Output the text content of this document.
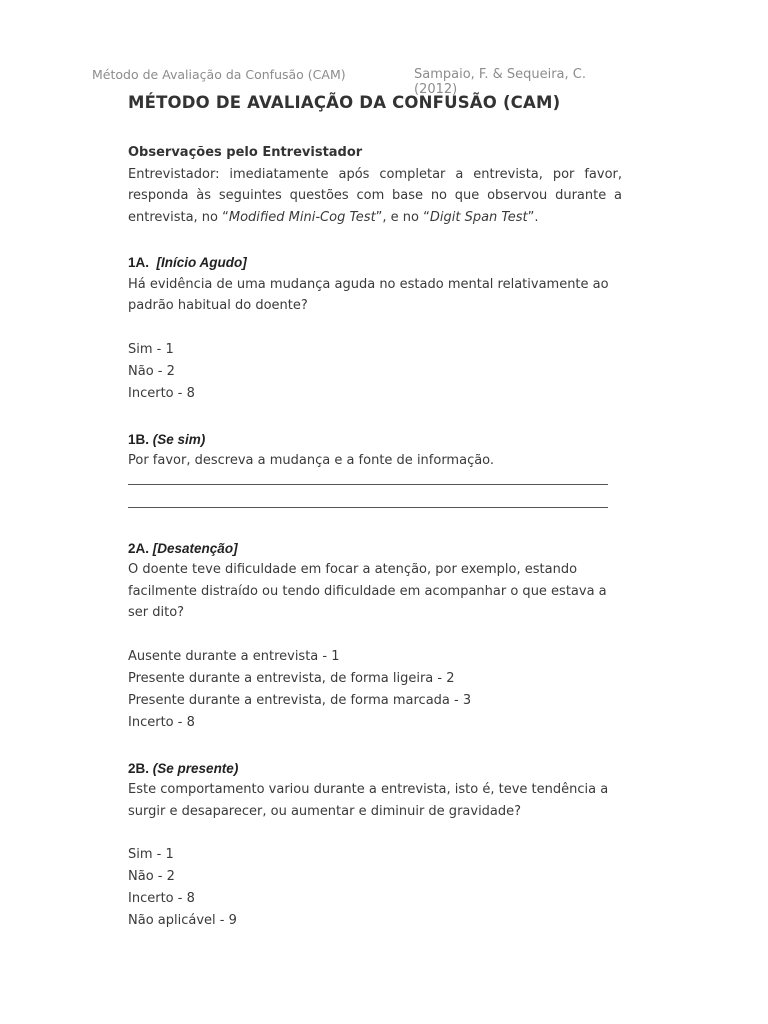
Método de Avaliação da Confusão (CAM)	Sampaio, F. & Sequeira, C. (2012)
MÉTODO DE AVALIAÇÃO DA CONFUSÃO (CAM)
Observações pelo Entrevistador
Entrevistador: imediatamente após completar a entrevista, por favor, responda às seguintes questões com base no que observou durante a entrevista, no “Modified Mini-Cog Test”, e no “Digit Span Test”.
1A. [Início Agudo]
Há evidência de uma mudança aguda no estado mental relativamente ao padrão habitual do doente?
Sim - 1
Não - 2
Incerto - 8
1B. (Se sim)
Por favor, descreva a mudança e a fonte de informação.
2A. [Desatenção]
O doente teve dificuldade em focar a atenção, por exemplo, estando facilmente distraído ou tendo dificuldade em acompanhar o que estava a ser dito?
Ausente durante a entrevista - 1
Presente durante a entrevista, de forma ligeira - 2
Presente durante a entrevista, de forma marcada - 3
Incerto - 8
2B. (Se presente)
Este comportamento variou durante a entrevista, isto é, teve tendência a surgir e desaparecer, ou aumentar e diminuir de gravidade?
Sim - 1
Não - 2
Incerto - 8
Não aplicável - 9
